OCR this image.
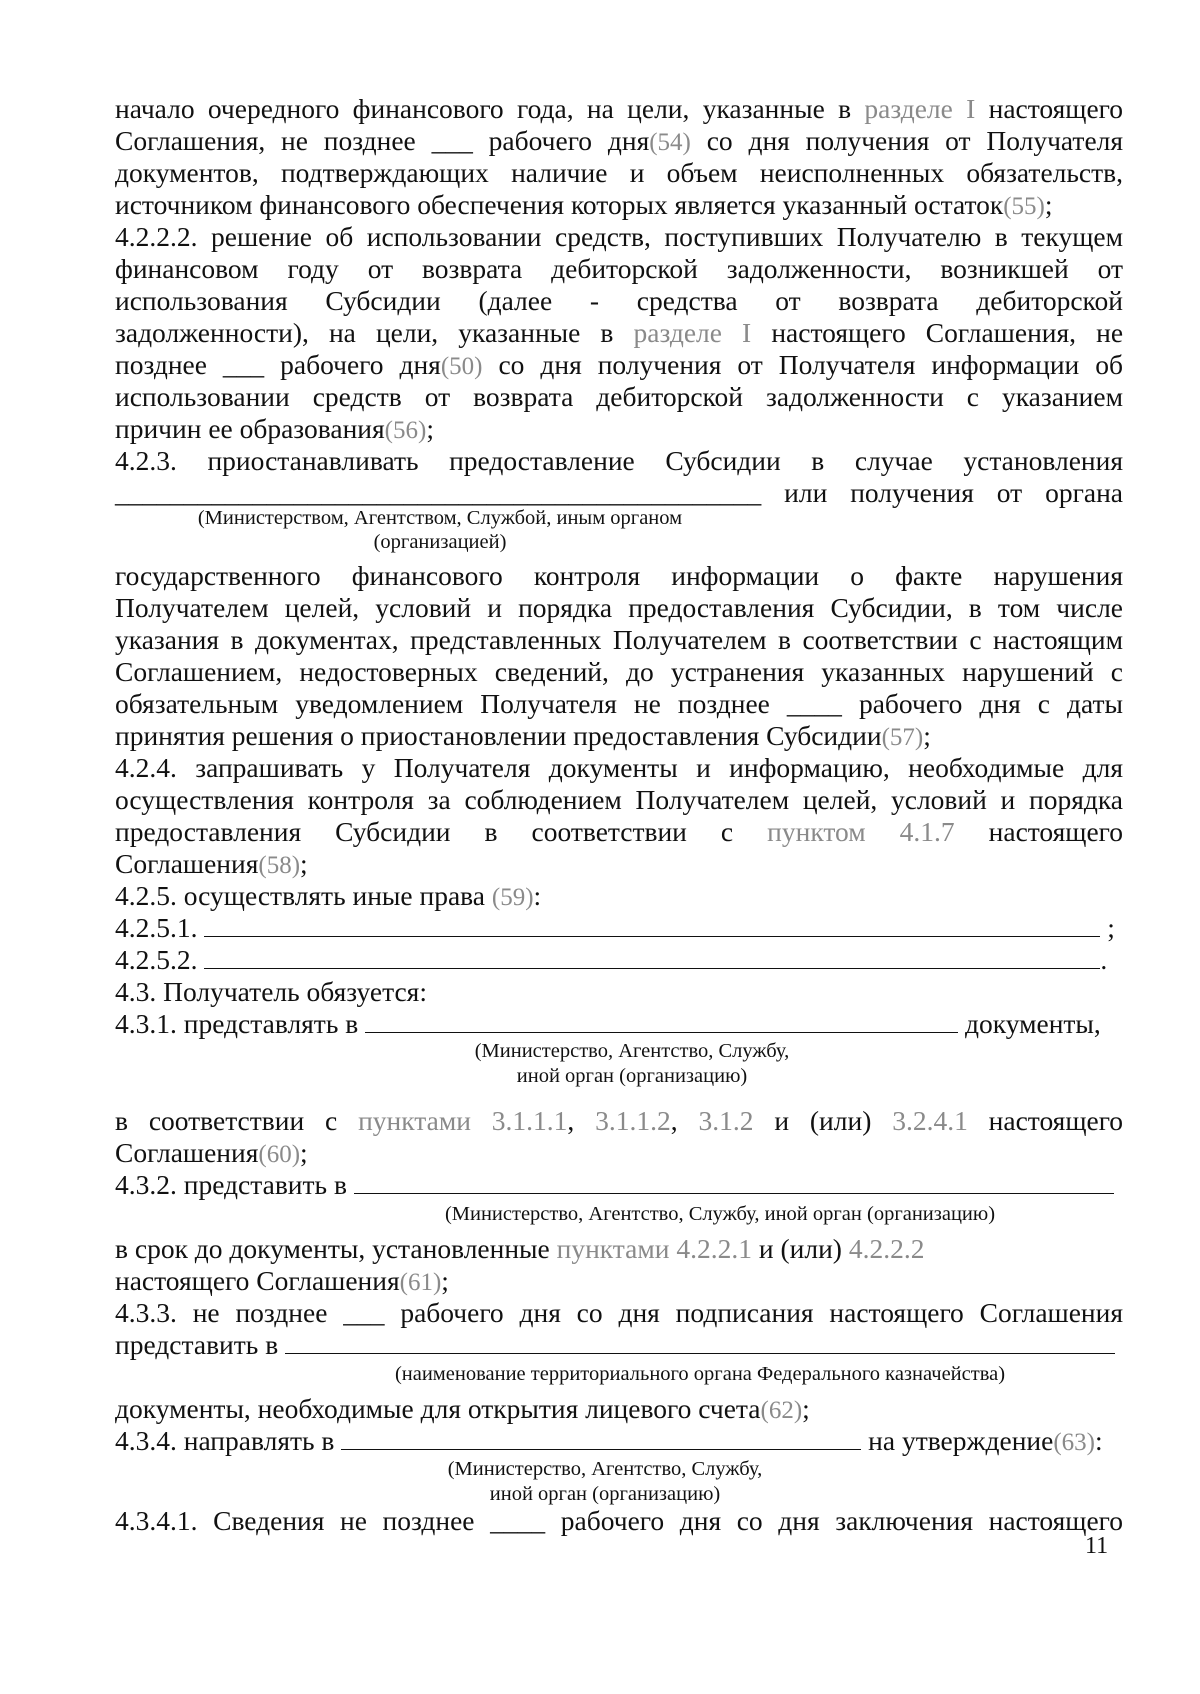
начало очередного финансового года, на цели, указанные в разделе I настоящего
Соглашения, не позднее ___ рабочего дня(54) со дня получения от Получателя
документов, подтверждающих наличие и объем неисполненных обязательств,
источником финансового обеспечения которых является указанный остаток(55);
4.2.2.2. решение об использовании средств, поступивших Получателю в текущем
финансовом году от возврата дебиторской задолженности, возникшей от
использования Субсидии (далее - средства от возврата дебиторской
задолженности), на цели, указанные в разделе I настоящего Соглашения, не
позднее ___ рабочего дня(50) со дня получения от Получателя информации об
использовании средств от возврата дебиторской задолженности с указанием
причин ее образования(56);
4.2.3. приостанавливать предоставление Субсидии в случае установления
_______________________________________________ или получения от органа
(Министерством, Агентством, Службой, иным органом
(организацией)
государственного финансового контроля информации о факте нарушения
Получателем целей, условий и порядка предоставления Субсидии, в том числе
указания в документах, представленных Получателем в соответствии с настоящим
Соглашением, недостоверных сведений, до устранения указанных нарушений с
обязательным уведомлением Получателя не позднее ____ рабочего дня с даты
принятия решения о приостановлении предоставления Субсидии(57);
4.2.4. запрашивать у Получателя документы и информацию, необходимые для
осуществления контроля за соблюдением Получателем целей, условий и порядка
предоставления Субсидии в соответствии с пунктом 4.1.7 настоящего
Соглашения(58);
4.2.5. осуществлять иные права (59):
4.2.5.1.	;
4.2.5.2.	.
4.3. Получатель обязуется:
4.3.1. представлять в	документы,
(Министерство, Агентство, Службу,
иной орган (организацию)
в соответствии с пунктами 3.1.1.1, 3.1.1.2, 3.1.2 и (или) 3.2.4.1 настоящего
Соглашения(60);
4.3.2. представить в
(Министерство, Агентство, Службу, иной орган (организацию)
в срок до документы, установленные пунктами 4.2.2.1 и (или) 4.2.2.2
настоящего Соглашения(61);
4.3.3. не позднее ___ рабочего дня со дня подписания настоящего Соглашения
представить в
(наименование территориального органа Федерального казначейства)
документы, необходимые для открытия лицевого счета(62);
4.3.4. направлять в	на утверждение(63):
(Министерство, Агентство, Службу,
иной орган (организацию)
4.3.4.1. Сведения не позднее ____ рабочего дня со дня заключения настоящего
11
